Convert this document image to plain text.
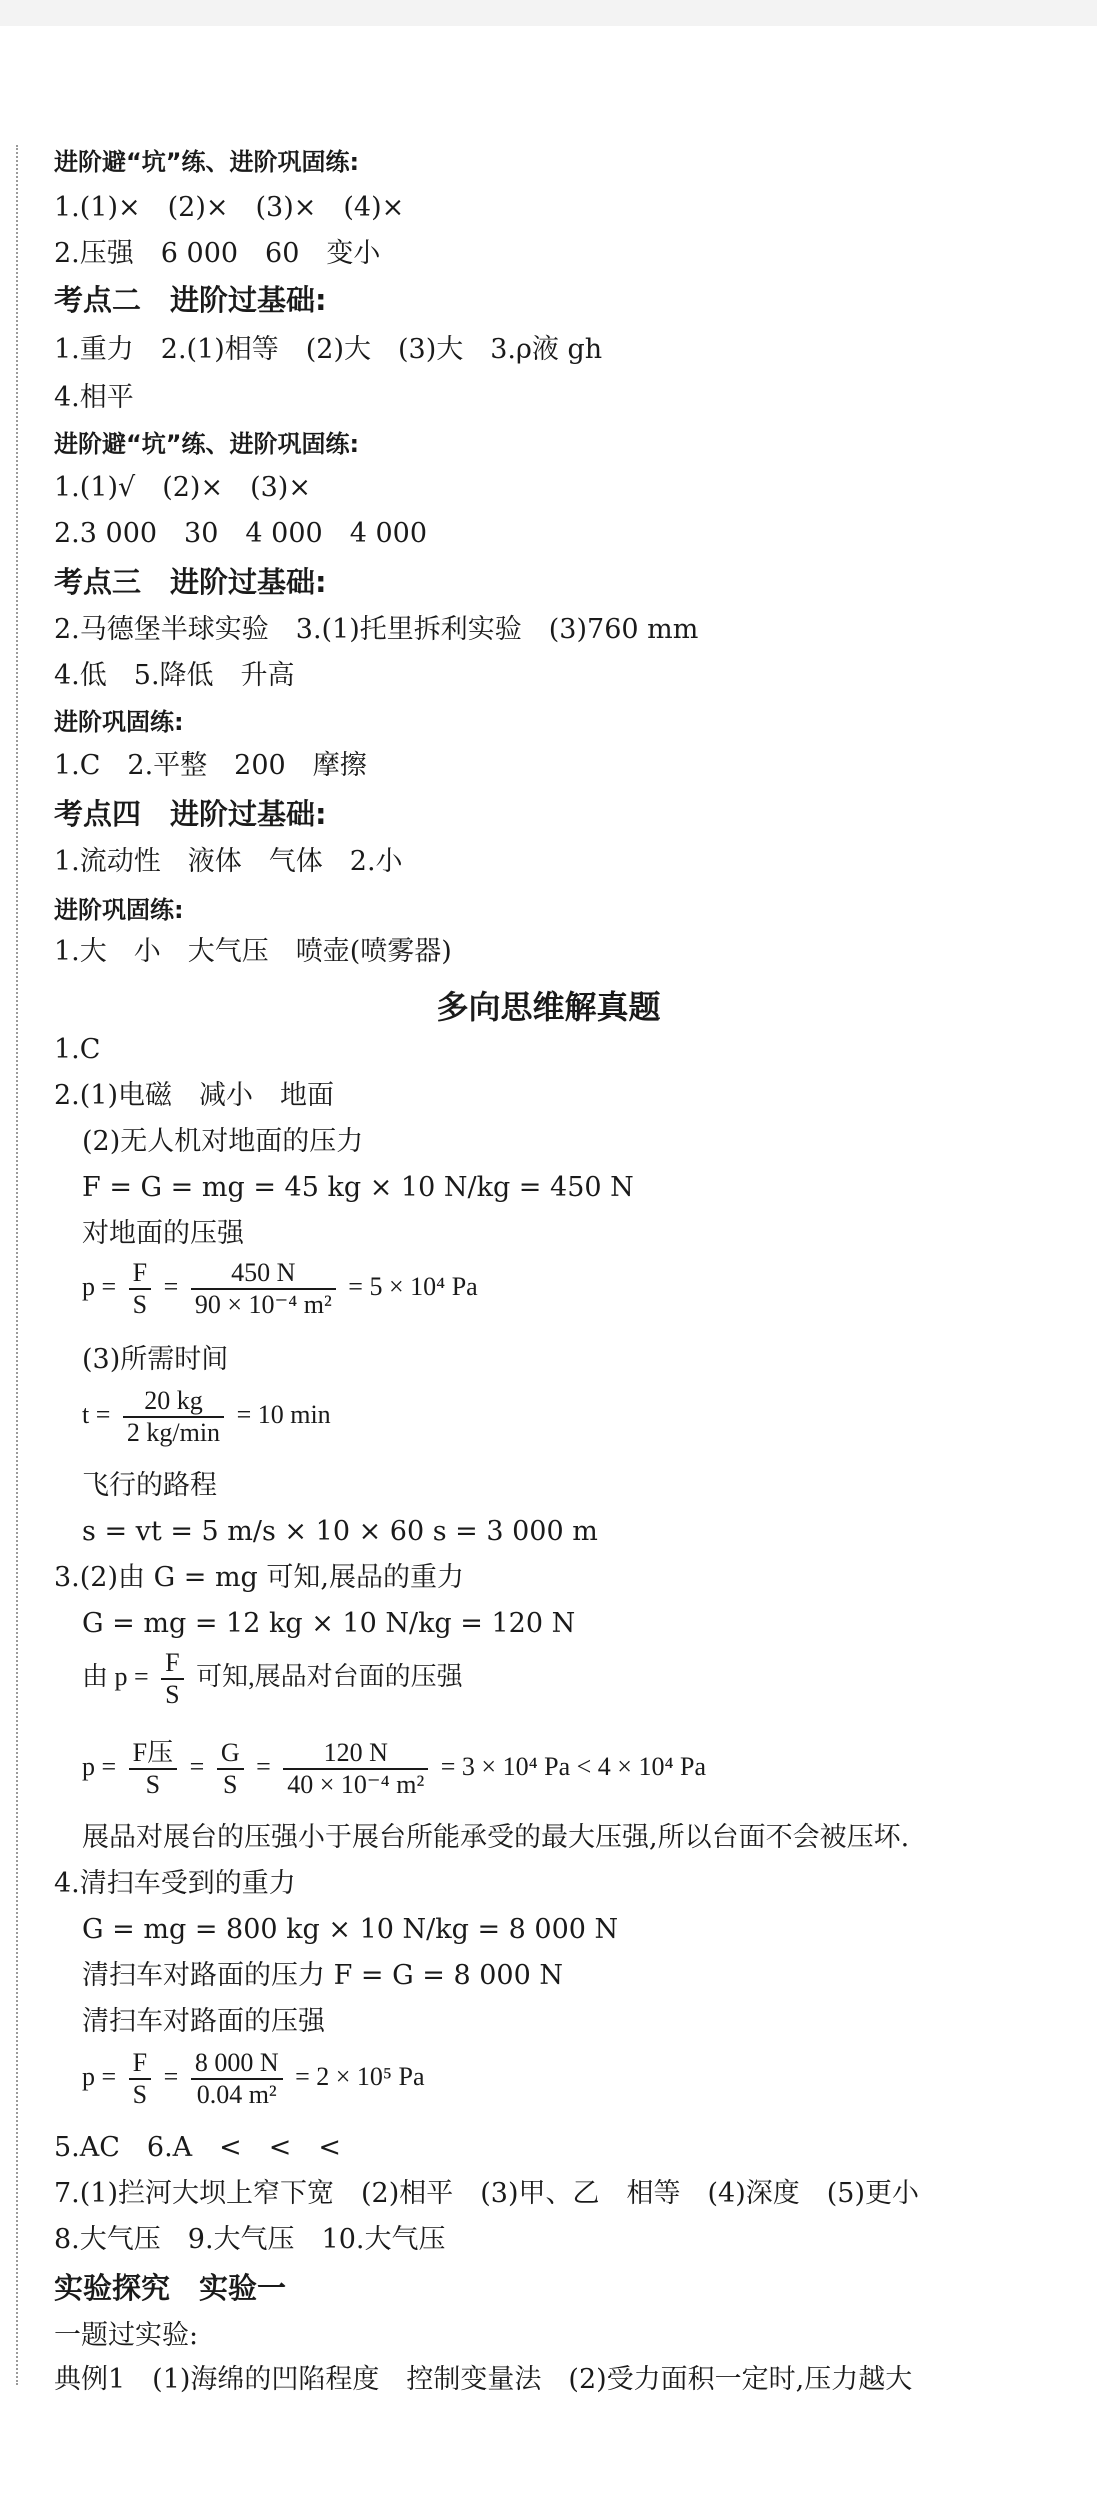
进阶避“坑”练、进阶巩固练:
1.(1)×　(2)×　(3)×　(4)×
2.压强　6 000　60　变小
考点二　进阶过基础:
1.重力　2.(1)相等　(2)大　(3)大　3.ρ液 gh
4.相平
进阶避“坑”练、进阶巩固练:
1.(1)√　(2)×　(3)×
2.3 000　30　4 000　4 000
考点三　进阶过基础:
2.马德堡半球实验　3.(1)托里拆利实验　(3)760 mm
4.低　5.降低　升高
进阶巩固练:
1.C　2.平整　200　摩擦
考点四　进阶过基础:
1.流动性　液体　气体　2.小
进阶巩固练:
1.大　小　大气压　喷壶(喷雾器)
多向思维解真题
1.C
2.(1)电磁　减小　地面
(2)无人机对地面的压力
F = G = mg = 45 kg × 10 N/kg = 450 N
对地面的压强
$p = \frac{F}{S} = \frac{450 N}{\text{90 × 10⁻⁴ m²}} = 5 \times 10^4$ Pa
(3)所需时间
$t = \frac{20 kg}{2 kg/\min} = 10$ min
飞行的路程
s = vt = 5 m/s × 10 × 60 s = 3 000 m
3.(2)由 G = mg 可知,展品的重力
G = mg = 12 kg × 10 N/kg = 120 N
由 $p = \frac{F}{S}$ 可知,展品对台面的压强
$p = \frac{\text{F压}}{S} = \frac{G}{S} = \frac{120 N}{\text{40 × 10⁻⁴ m²}} = 3 \times 10^4$ Pa < 4 × 10⁴ Pa
展品对展台的压强小于展台所能承受的最大压强,所以台面不会被压坏.
4.清扫车受到的重力
G = mg = 800 kg × 10 N/kg = 8 000 N
清扫车对路面的压力 F = G = 8 000 N
清扫车对路面的压强
$p = \frac{F}{S} = \frac{8 000 N}{\text{0.04 m²}} = 2 \times 10^5$ Pa
5.AC　6.A　<　<　<
7.(1)拦河大坝上窄下宽　(2)相平　(3)甲、乙　相等　(4)深度　(5)更小
8.大气压　9.大气压　10.大气压
实验探究　实验一
一题过实验:
典例1　(1)海绵的凹陷程度　控制变量法　(2)受力面积一定时,压力越大
